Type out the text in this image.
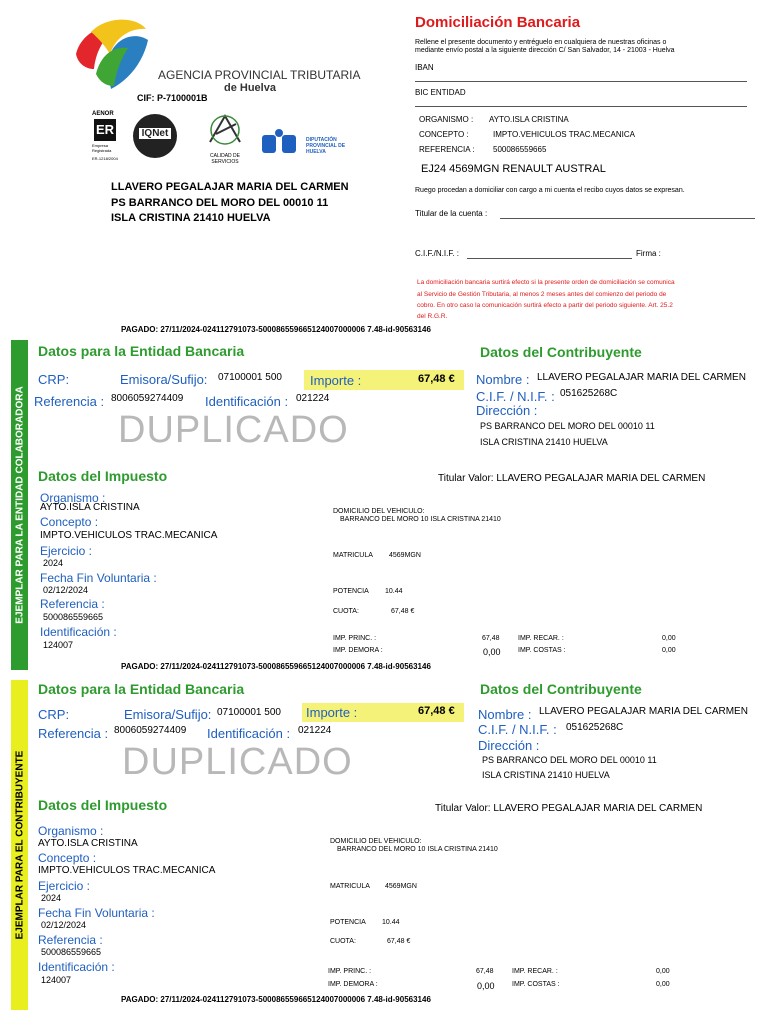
AGENCIA PROVINCIAL TRIBUTARIA
de Huelva
CIF: P-7100001B
AENOR
ER
Empresa Registrada
ER-1218/2004
IQNet
CALIDAD DE SERVICIOS
DIPUTACIÓN PROVINCIAL DE HUELVA
LLAVERO PEGALAJAR MARIA DEL CARMEN
PS BARRANCO DEL MORO DEL 00010 11
ISLA CRISTINA 21410 HUELVA
Domiciliación Bancaria
Rellene el presente documento y entréguelo en cualquiera de nuestras oficinas o
mediante envío postal a la siguiente dirección C/ San Salvador, 14 - 21003 - Huelva
IBAN
BIC ENTIDAD
ORGANISMO : AYTO.ISLA CRISTINA
CONCEPTO :	IMPTO.VEHICULOS TRAC.MECANICA
REFERENCIA : 500086559665
EJ24 4569MGN RENAULT AUSTRAL
Ruego procedan a domiciliar con cargo a mi cuenta el recibo cuyos datos se expresan.
Titular de la cuenta :
C.I.F./N.I.F. :	Firma :
La domiciliación bancaria surtirá efecto si la presente orden de domiciliación se comunica
al Servicio de Gestión Tributaria, al menos 2 meses antes del comienzo del periodo de
cobro. En otro caso la comunicación surtirá efecto a partir del periodo siguiente. Art. 25.2
del R.G.R.
PAGADO: 27/11/2024-024112791073-500086559665124007000006 7.48-id-90563146
EJEMPLAR PARA LA ENTIDAD COLABORADORA
Datos para la Entidad Bancaria	Datos del Contribuyente
CRP:	Emisora/Sufijo: 07100001 500 Importe :	67,48 €
Referencia : 8006059274409 Identificación : 021224
DUPLICADO
Nombre : LLAVERO PEGALAJAR MARIA DEL CARMEN
C.I.F. / N.I.F. : 051625268C
Dirección :
PS BARRANCO DEL MORO DEL 00010 11
ISLA CRISTINA 21410 HUELVA
Datos del Impuesto	Titular Valor: LLAVERO PEGALAJAR MARIA DEL CARMEN
Organismo :
AYTO.ISLA CRISTINA
Concepto :
IMPTO.VEHICULOS TRAC.MECANICA
Ejercicio :
2024
Fecha Fin Voluntaria :
02/12/2024
Referencia :
500086559665
Identificación :
124007
DOMICILIO DEL VEHICULO:
BARRANCO DEL MORO 10 ISLA CRISTINA 21410
MATRICULA 4569MGN
POTENCIA 10.44
CUOTA:	67,48 €
IMP. PRINC. :	67,48	IMP. RECAR. :	0,00
IMP. DEMORA :	0,00 IMP. COSTAS :	0,00
PAGADO: 27/11/2024-024112791073-500086559665124007000006 7.48-id-90563146
EJEMPLAR PARA EL CONTRIBUYENTE
Datos para la Entidad Bancaria	Datos del Contribuyente
CRP:	Emisora/Sufijo: 07100001 500 Importe :	67,48 €
Referencia : 8006059274409 Identificación : 021224
DUPLICADO
Nombre : LLAVERO PEGALAJAR MARIA DEL CARMEN
C.I.F. / N.I.F. : 051625268C
Dirección :
PS BARRANCO DEL MORO DEL 00010 11
ISLA CRISTINA 21410 HUELVA
Datos del Impuesto	Titular Valor: LLAVERO PEGALAJAR MARIA DEL CARMEN
Organismo :
AYTO.ISLA CRISTINA
Concepto :
IMPTO.VEHICULOS TRAC.MECANICA
Ejercicio :
2024
Fecha Fin Voluntaria :
02/12/2024
Referencia :
500086559665
Identificación :
124007
DOMICILIO DEL VEHICULO:
BARRANCO DEL MORO 10 ISLA CRISTINA 21410
MATRICULA 4569MGN
POTENCIA 10.44
CUOTA:	67,48 €
IMP. PRINC. :	67,48	IMP. RECAR. :	0,00
IMP. DEMORA :	0,00 IMP. COSTAS :	0,00
PAGADO: 27/11/2024-024112791073-500086559665124007000006 7.48-id-90563146
